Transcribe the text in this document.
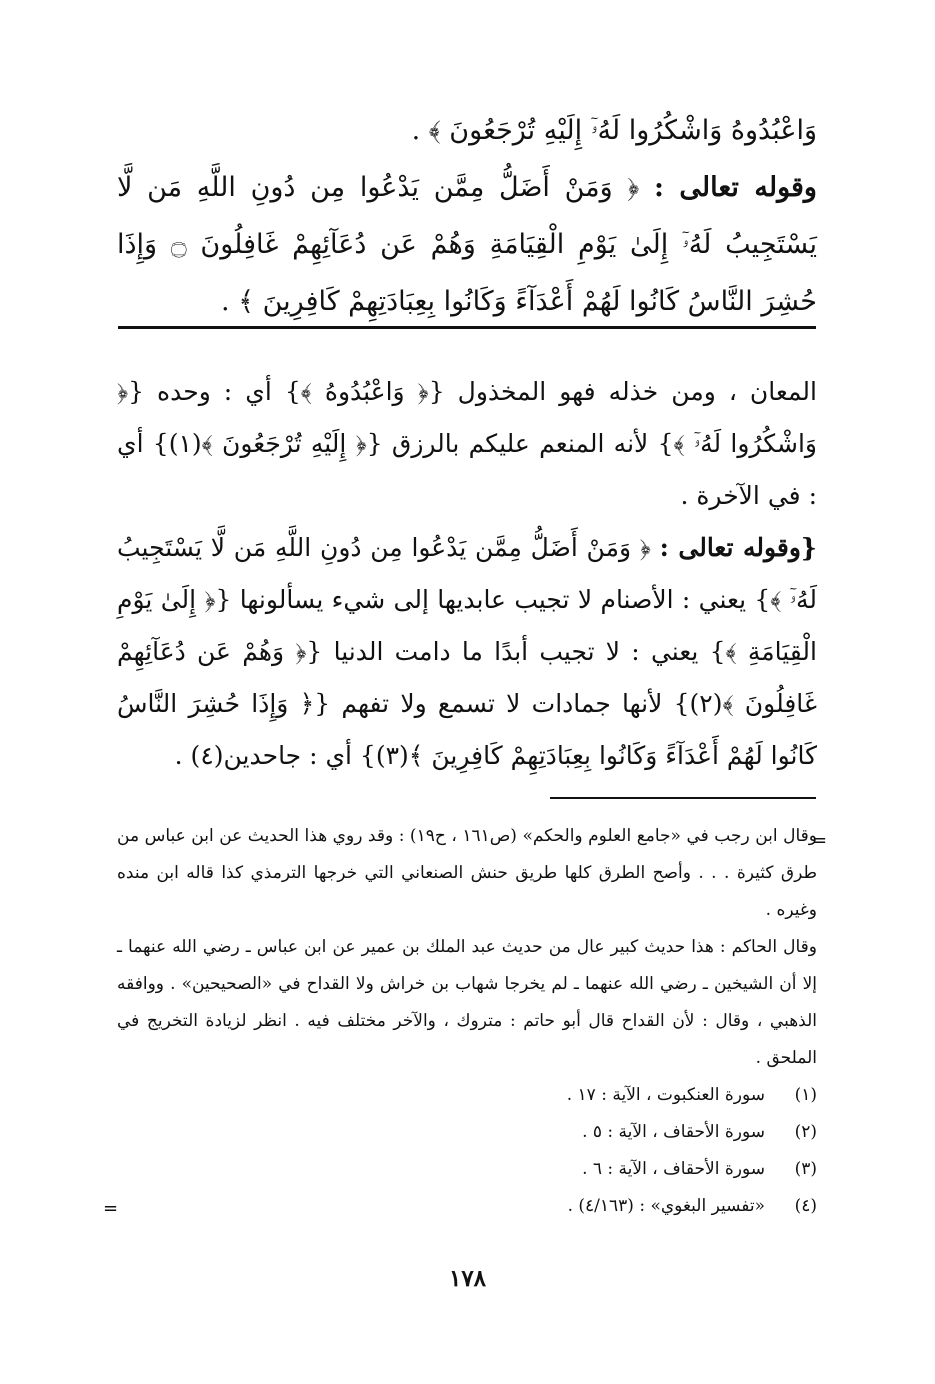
وَاعْبُدُوهُ وَاشْكُرُوا لَهُۥٓ إِلَيْهِ تُرْجَعُونَ ﴾ .

وقوله تعالى : ﴿ وَمَنْ أَضَلُّ مِمَّن يَدْعُوا مِن دُونِ اللَّهِ مَن لَّا يَسْتَجِيبُ لَهُۥٓ إِلَىٰ يَوْمِ الْقِيَامَةِ وَهُمْ عَن دُعَآئِهِمْ غَافِلُونَ ۝ وَإِذَا حُشِرَ النَّاسُ كَانُوا لَهُمْ أَعْدَآءً وَكَانُوا بِعِبَادَتِهِمْ كَافِرِينَ ﴾ .

المعان ، ومن خذله فهو المخذول {﴿ وَاعْبُدُوهُ ﴾} أي : وحده {﴿ وَاشْكُرُوا لَهُۥٓ ﴾} لأنه المنعم عليكم بالرزق {﴿ إِلَيْهِ تُرْجَعُونَ ﴾(١)} أي : في الآخرة .

{وقوله تعالى : ﴿ وَمَنْ أَضَلُّ مِمَّن يَدْعُوا مِن دُونِ اللَّهِ مَن لَّا يَسْتَجِيبُ لَهُۥٓ ﴾} يعني : الأصنام لا تجيب عابديها إلى شيء يسألونها {﴿ إِلَىٰ يَوْمِ الْقِيَامَةِ ﴾} يعني : لا تجيب أبدًا ما دامت الدنيا {﴿ وَهُمْ عَن دُعَآئِهِمْ غَافِلُونَ ﴾(٢)} لأنها جمادات لا تسمع ولا تفهم {﴿ وَإِذَا حُشِرَ النَّاسُ كَانُوا لَهُمْ أَعْدَآءً وَكَانُوا بِعِبَادَتِهِمْ كَافِرِينَ ﴾(٣)} أي : جاحدين(٤) .

=

وقال ابن رجب في «جامع العلوم والحكم» (ص١٦١ ، ح١٩) : وقد روي هذا الحديث عن ابن عباس من طرق كثيرة . . . وأصح الطرق كلها طريق حنش الصنعاني التي خرجها الترمذي كذا قاله ابن منده وغيره .

وقال الحاكم : هذا حديث كبير عال من حديث عبد الملك بن عمير عن ابن عباس ـ رضي الله عنهما ـ إلا أن الشيخين ـ رضي الله عنهما ـ لم يخرجا شهاب بن خراش ولا القداح في «الصحيحين» . ووافقه الذهبي ، وقال : لأن القداح قال أبو حاتم : متروك ، والآخر مختلف فيه . انظر لزيادة التخريج في الملحق .

(١)
سورة العنكبوت ، الآية : ١٧ .
(٢)
سورة الأحقاف ، الآية : ٥ .
(٣)
سورة الأحقاف ، الآية : ٦ .
(٤)
«تفسير البغوي» : (٤/١٦٣) .
=
١٧٨
